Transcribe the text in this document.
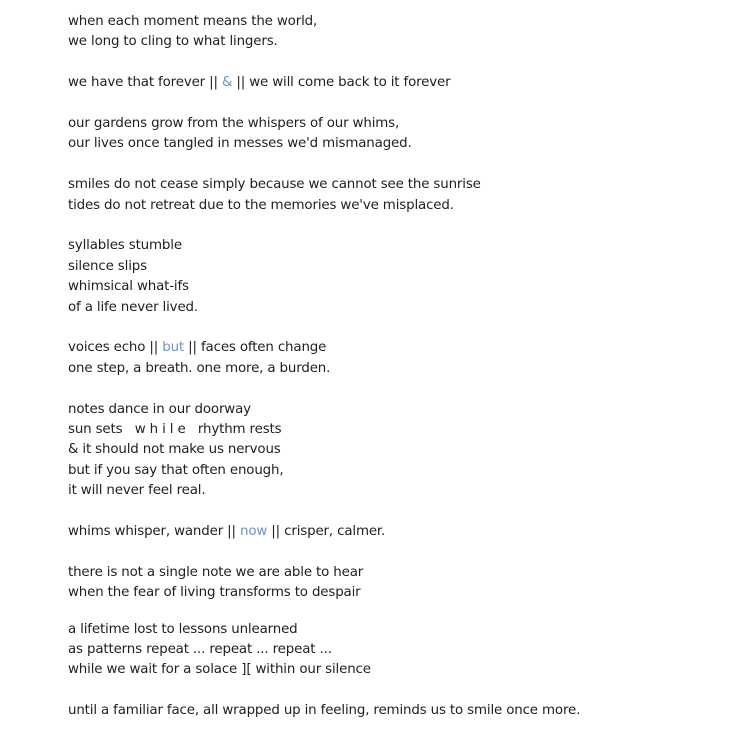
when each moment means the world,
we long to cling to what lingers.
we have that forever || & || we will come back to it forever
our gardens grow from the whispers of our whims,
our lives once tangled in messes we'd mismanaged.
smiles do not cease simply because we cannot see the sunrise
tides do not retreat due to the memories we've misplaced.
syllables stumble
silence slips
whimsical what-ifs
of a life never lived.
voices echo || but || faces often change
one step, a breath. one more, a burden.
notes dance in our doorway
sun sets   w h i l e   rhythm rests
& it should not make us nervous
but if you say that often enough,
it will never feel real.
whims whisper, wander || now || crisper, calmer.
there is not a single note we are able to hear
when the fear of living transforms to despair
a lifetime lost to lessons unlearned
as patterns repeat ... repeat ... repeat ...
while we wait for a solace ][ within our silence
until a familiar face, all wrapped up in feeling, reminds us to smile once more.
